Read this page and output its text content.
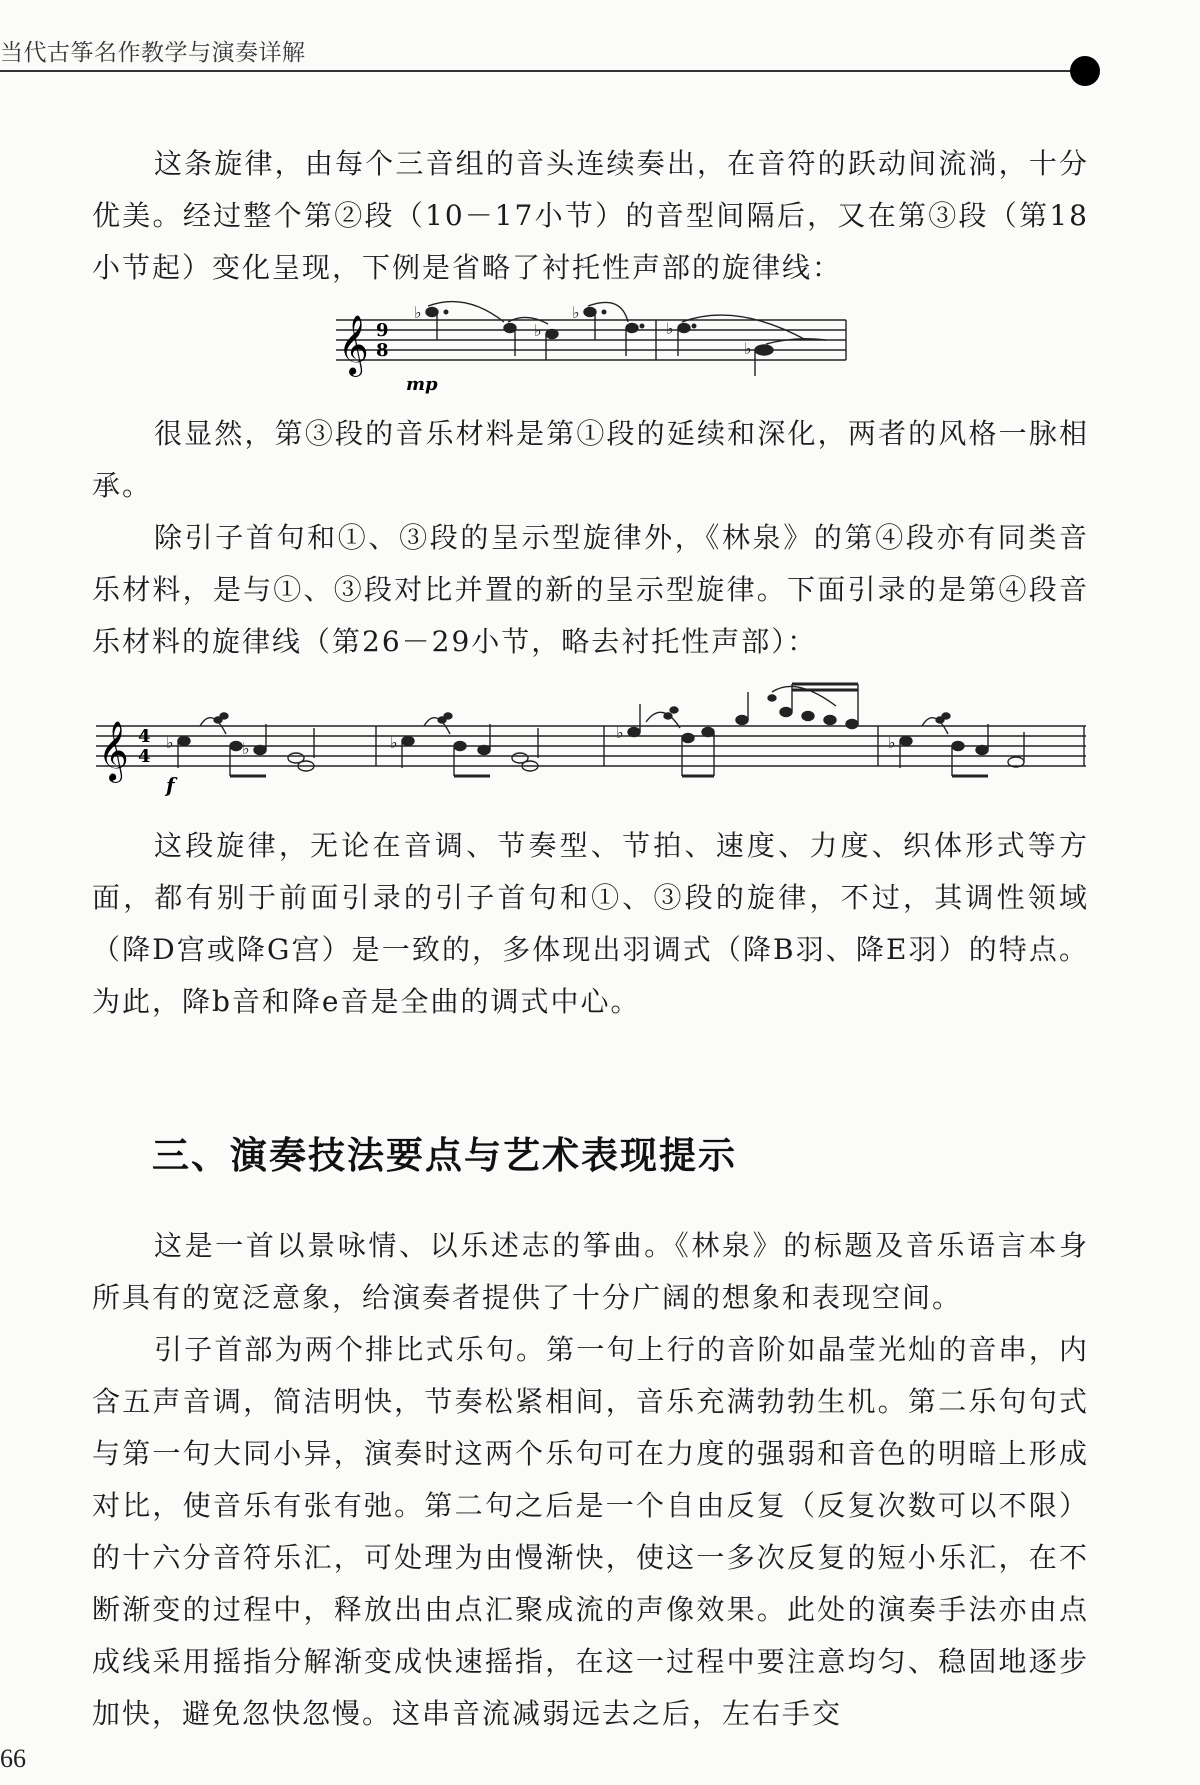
当代古筝名作教学与演奏详解

这条旋律，由每个三音组的音头连续奏出，在音符的跃动间流淌，十分优美。经过整个第②段（10－17小节）的音型间隔后，又在第③段（第18小节起）变化呈现，下例是省略了衬托性声部的旋律线：

𝄞 9
8
♭
♭
♭
♭
♭
mp

很显然，第③段的音乐材料是第①段的延续和深化，两者的风格一脉相承。

除引子首句和①、③段的呈示型旋律外，《林泉》的第④段亦有同类音乐材料，是与①、③段对比并置的新的呈示型旋律。下面引录的是第④段音乐材料的旋律线（第26－29小节，略去衬托性声部）：

𝄞 4
4
♭	♭	♭
♭
♭
f

这段旋律，无论在音调、节奏型、节拍、速度、力度、织体形式等方面，都有别于前面引录的引子首句和①、③段的旋律，不过，其调性领域（降D宫或降G宫）是一致的，多体现出羽调式（降B羽、降E羽）的特点。为此，降b音和降e音是全曲的调式中心。

三、演奏技法要点与艺术表现提示

这是一首以景咏情、以乐述志的筝曲。《林泉》的标题及音乐语言本身所具有的宽泛意象，给演奏者提供了十分广阔的想象和表现空间。

引子首部为两个排比式乐句。第一句上行的音阶如晶莹光灿的音串，内含五声音调，简洁明快，节奏松紧相间，音乐充满勃勃生机。第二乐句句式与第一句大同小异，演奏时这两个乐句可在力度的强弱和音色的明暗上形成对比，使音乐有张有弛。第二句之后是一个自由反复（反复次数可以不限）的十六分音符乐汇，可处理为由慢渐快，使这一多次反复的短小乐汇，在不断渐变的过程中，释放出由点汇聚成流的声像效果。此处的演奏手法亦由点成线采用摇指分解渐变成快速摇指，在这一过程中要注意均匀、稳固地逐步加快，避免忽快忽慢。这串音流减弱远去之后，左右手交

66
